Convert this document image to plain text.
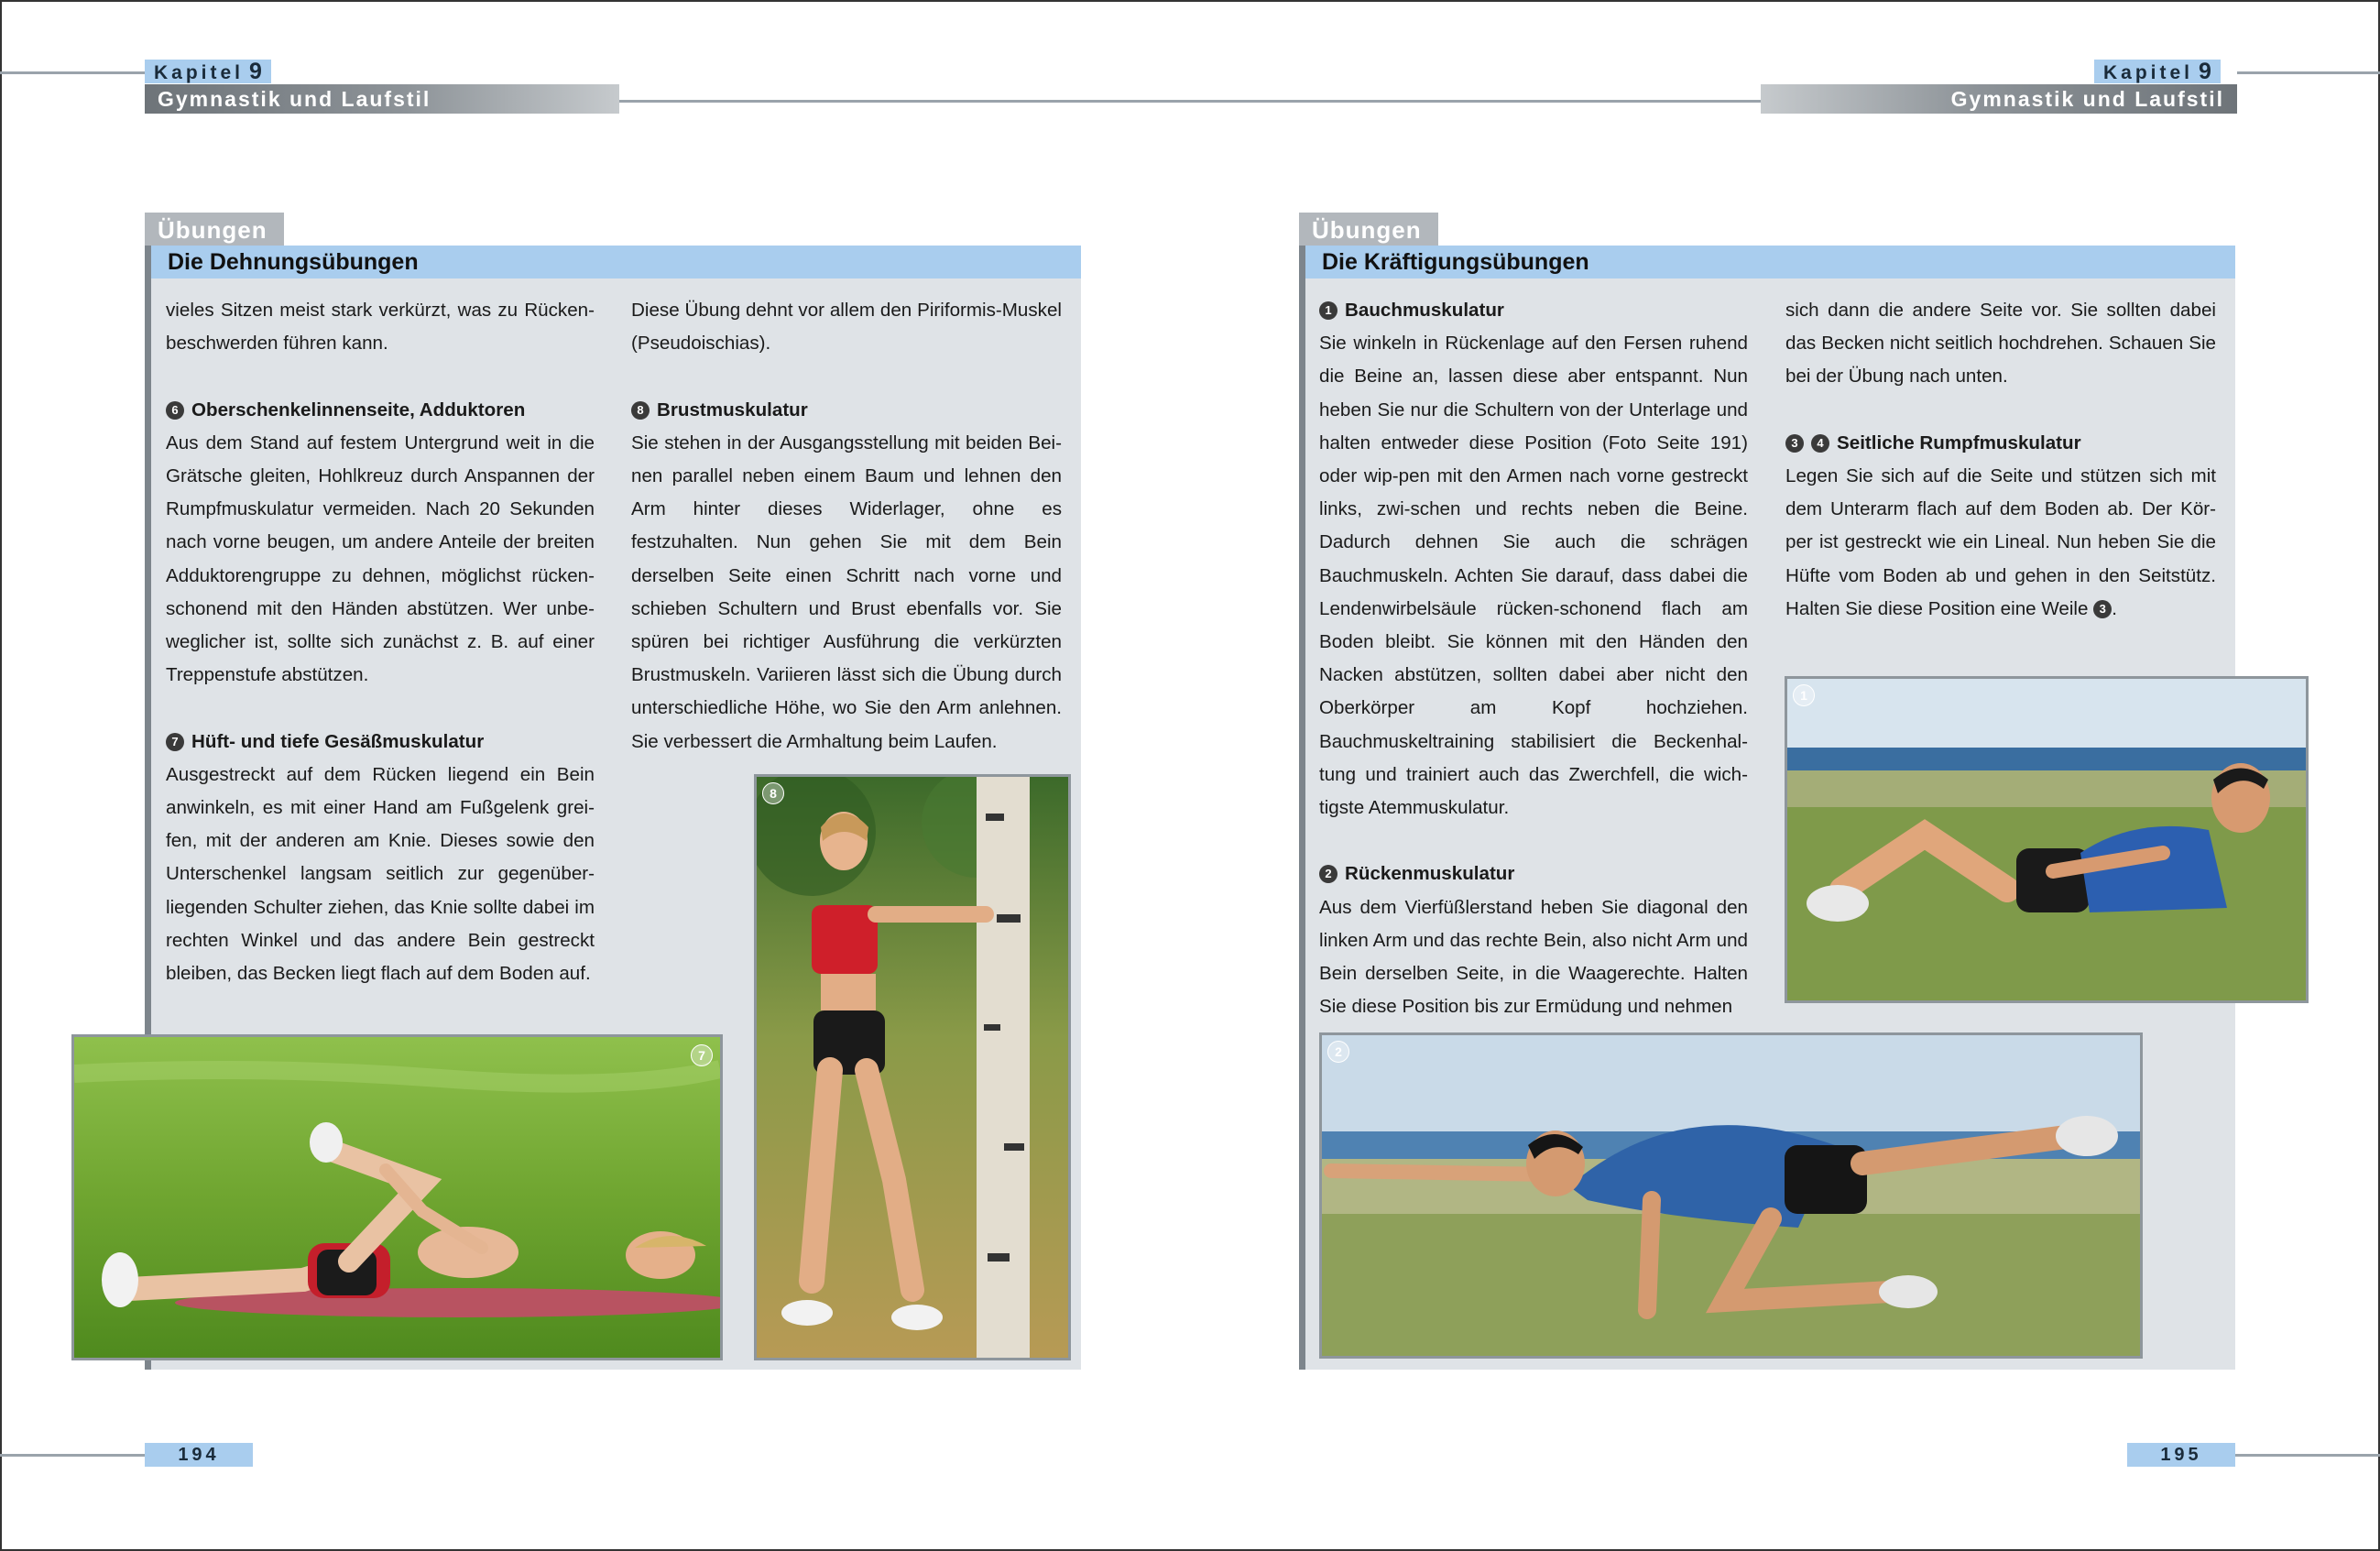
Kapitel 9
Gymnastik und Laufstil
Kapitel 9
Gymnastik und Laufstil
Übungen
Die Dehnungsübungen

vieles Sitzen meist stark verkürzt, was zu Rücken-beschwerden führen kann.

6 Oberschenkelinnenseite, Adduktoren

Aus dem Stand auf festem Untergrund weit in die Grätsche gleiten, Hohlkreuz durch Anspannen der Rumpfmuskulatur vermeiden. Nach 20 Sekunden nach vorne beugen, um andere Anteile der breiten Adduktorengruppe zu dehnen, möglichst rücken-schonend mit den Händen abstützen. Wer unbe-weglicher ist, sollte sich zunächst z. B. auf einer Treppenstufe abstützen.

7 Hüft- und tiefe Gesäßmuskulatur

Ausgestreckt auf dem Rücken liegend ein Bein anwinkeln, es mit einer Hand am Fußgelenk grei-fen, mit der anderen am Knie. Dieses sowie den Unterschenkel langsam seitlich zur gegenüber-liegenden Schulter ziehen, das Knie sollte dabei im rechten Winkel und das andere Bein gestreckt bleiben, das Becken liegt flach auf dem Boden auf.

Diese Übung dehnt vor allem den Piriformis-Muskel (Pseudoischias).

8 Brustmuskulatur

Sie stehen in der Ausgangsstellung mit beiden Bei-nen parallel neben einem Baum und lehnen den Arm hinter dieses Widerlager, ohne es festzuhalten. Nun gehen Sie mit dem Bein derselben Seite einen Schritt nach vorne und schieben Schultern und Brust ebenfalls vor. Sie spüren bei richtiger Ausführung die verkürzten Brustmuskeln. Variieren lässt sich die Übung durch unterschiedliche Höhe, wo Sie den Arm anlehnen. Sie verbessert die Armhaltung beim Laufen.

7
8
Übungen
Die Kräftigungsübungen

1 Bauchmuskulatur

Sie winkeln in Rückenlage auf den Fersen ruhend die Beine an, lassen diese aber entspannt. Nun heben Sie nur die Schultern von der Unterlage und halten entweder diese Position (Foto Seite 191) oder wip-pen mit den Armen nach vorne gestreckt links, zwi-schen und rechts neben die Beine. Dadurch dehnen Sie auch die schrägen Bauchmuskeln. Achten Sie darauf, dass dabei die Lendenwirbelsäule rücken-schonend flach am Boden bleibt. Sie können mit den Händen den Nacken abstützen, sollten dabei aber nicht den Oberkörper am Kopf hochziehen. Bauchmuskeltraining stabilisiert die Beckenhal-tung und trainiert auch das Zwerchfell, die wich-tigste Atemmuskulatur.

2 Rückenmuskulatur

Aus dem Vierfüßlerstand heben Sie diagonal den linken Arm und das rechte Bein, also nicht Arm und Bein derselben Seite, in die Waagerechte. Halten Sie diese Position bis zur Ermüdung und nehmen

sich dann die andere Seite vor. Sie sollten dabei das Becken nicht seitlich hochdrehen. Schauen Sie bei der Übung nach unten.

3 4 Seitliche Rumpfmuskulatur

Legen Sie sich auf die Seite und stützen sich mit dem Unterarm flach auf dem Boden ab. Der Kör-per ist gestreckt wie ein Lineal. Nun heben Sie die Hüfte vom Boden ab und gehen in den Seitstütz. Halten Sie diese Position eine Weile 3 .

1
2
194	195
